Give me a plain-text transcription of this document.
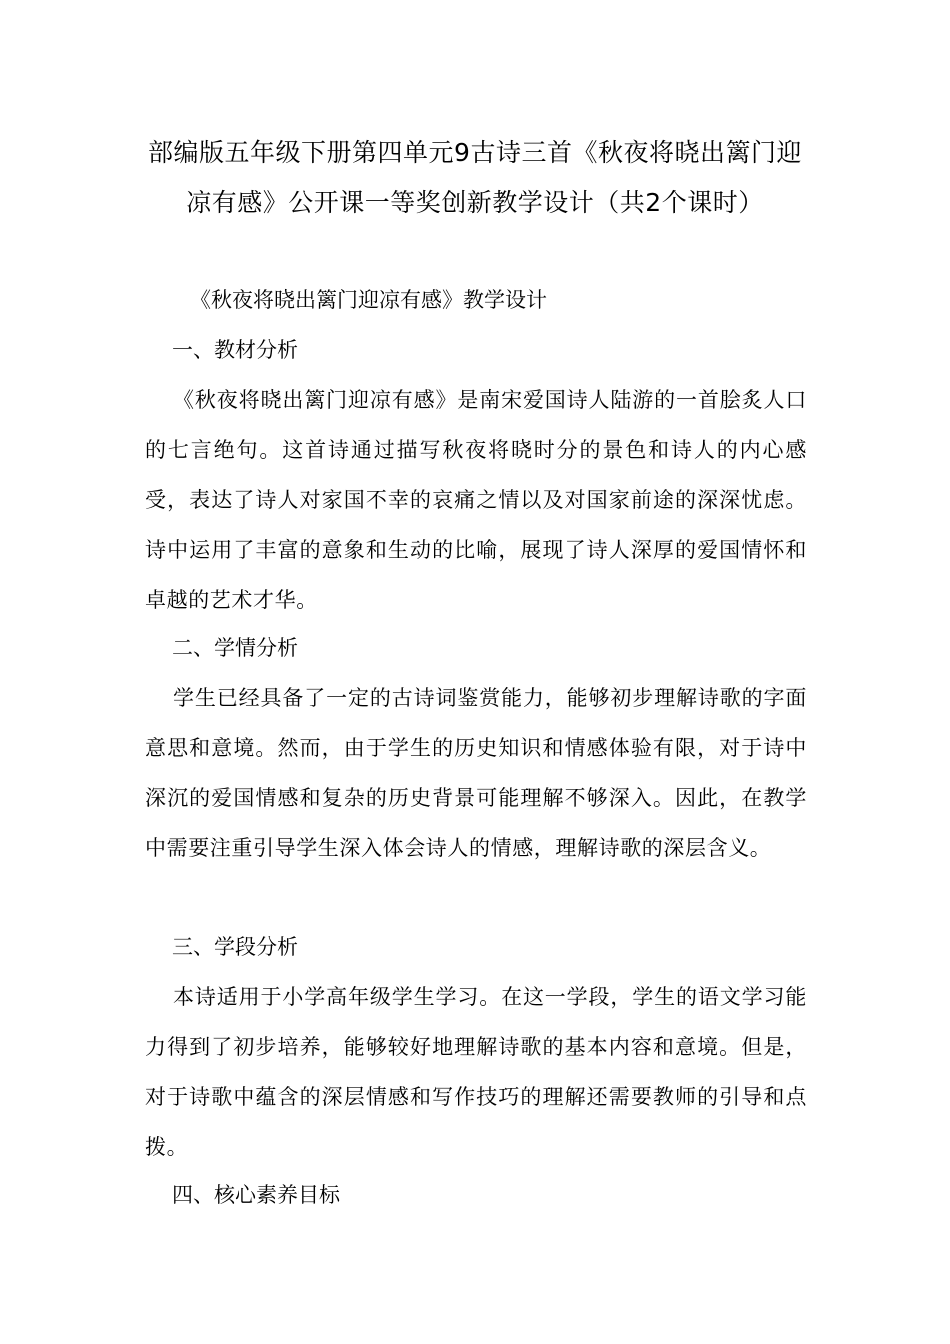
部编版五年级下册第四单元9古诗三首《秋夜将晓出篱门迎凉有感》公开课一等奖创新教学设计（共2个课时）

《秋夜将晓出篱门迎凉有感》教学设计

一、教材分析

《秋夜将晓出篱门迎凉有感》是南宋爱国诗人陆游的一首脍炙人口的七言绝句。这首诗通过描写秋夜将晓时分的景色和诗人的内心感受，表达了诗人对家国不幸的哀痛之情以及对国家前途的深深忧虑。诗中运用了丰富的意象和生动的比喻，展现了诗人深厚的爱国情怀和卓越的艺术才华。

二、学情分析

学生已经具备了一定的古诗词鉴赏能力，能够初步理解诗歌的字面意思和意境。然而，由于学生的历史知识和情感体验有限，对于诗中深沉的爱国情感和复杂的历史背景可能理解不够深入。因此，在教学中需要注重引导学生深入体会诗人的情感，理解诗歌的深层含义。

三、学段分析

本诗适用于小学高年级学生学习。在这一学段，学生的语文学习能力得到了初步培养，能够较好地理解诗歌的基本内容和意境。但是，对于诗歌中蕴含的深层情感和写作技巧的理解还需要教师的引导和点拨。

四、核心素养目标
